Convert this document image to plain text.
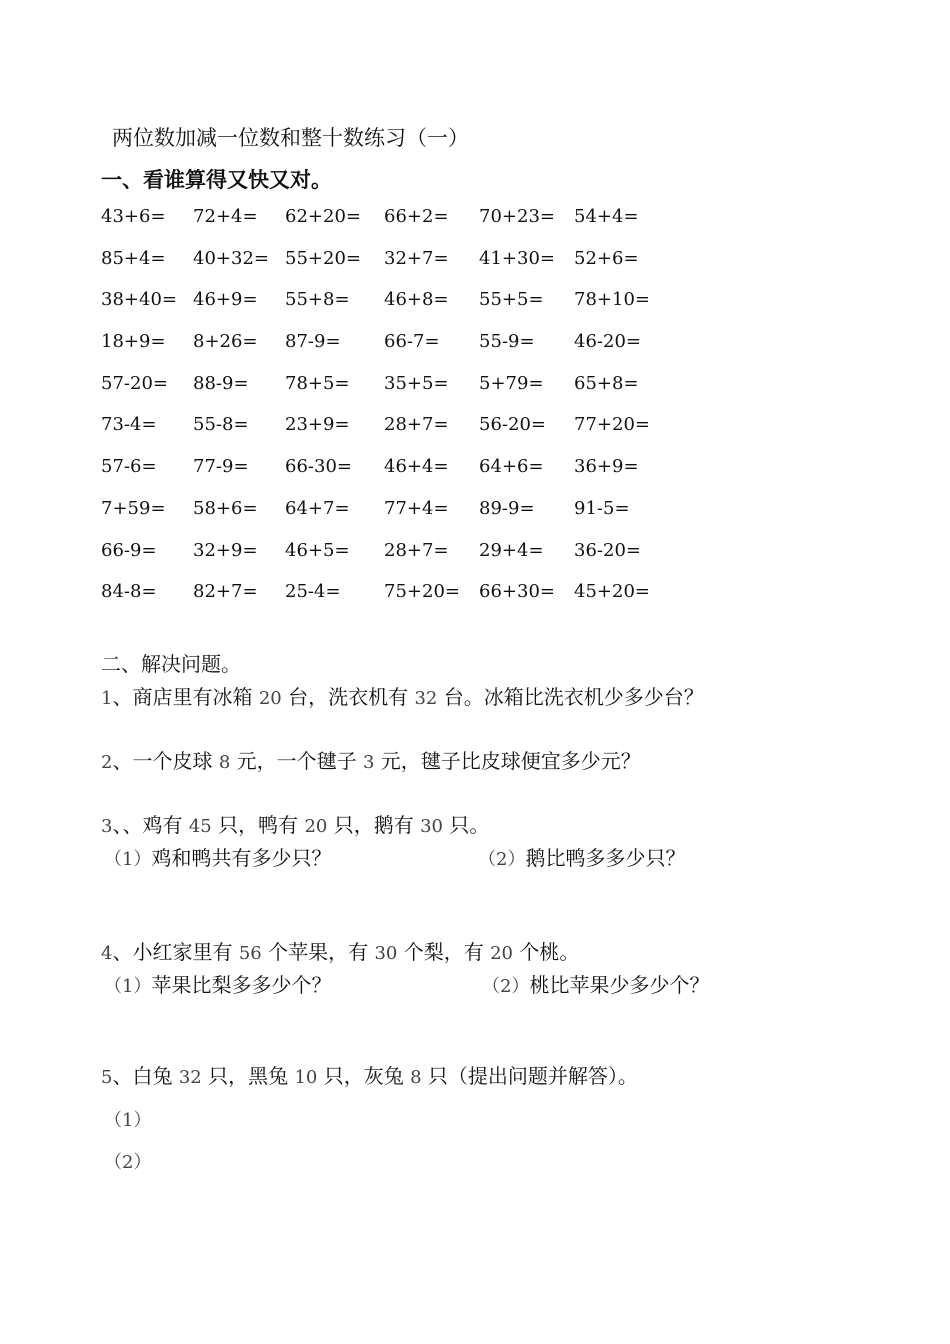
两位数加减一位数和整十数练习（一）
一、看谁算得又快又对。
43+6= 72+4= 62+20= 66+2= 70+23= 54+4=
85+4= 40+32= 55+20= 32+7= 41+30= 52+6=
38+40= 46+9= 55+8= 46+8= 55+5= 78+10=
18+9= 8+26= 87-9= 66-7= 55-9= 46-20=
57-20= 88-9= 78+5= 35+5= 5+79= 65+8=
73-4= 55-8= 23+9= 28+7= 56-20= 77+20=
57-6= 77-9= 66-30= 46+4= 64+6= 36+9=
7+59= 58+6= 64+7= 77+4= 89-9= 91-5=
66-9= 32+9= 46+5= 28+7= 29+4= 36-20=
84-8= 82+7= 25-4= 75+20= 66+30= 45+20=
二、解决问题。
1、商店里有冰箱 20 台，洗衣机有 32 台。冰箱比洗衣机少多少台？
2、一个皮球 8 元，一个毽子 3 元，毽子比皮球便宜多少元？
3、、鸡有 45 只，鸭有 20 只，鹅有 30 只。
（1）鸡和鸭共有多少只？	（2）鹅比鸭多多少只？
4、小红家里有 56 个苹果，有 30 个梨，有 20 个桃。
（1）苹果比梨多多少个？	（2）桃比苹果少多少个？
5、白兔 32 只，黑兔 10 只，灰兔 8 只（提出问题并解答）。
（1）
（2）
